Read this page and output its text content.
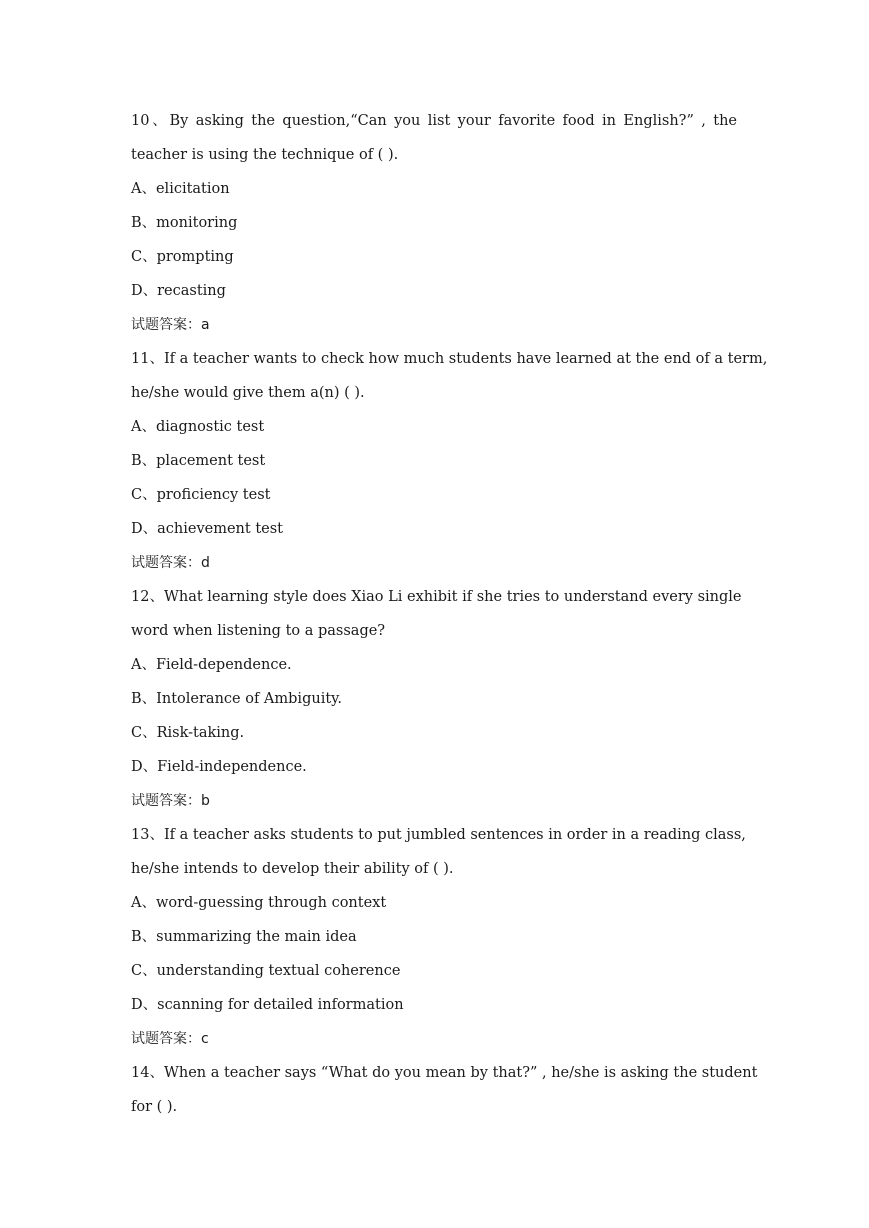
10、By asking the question,“Can you list your favorite food in English?” , the
teacher is using the technique of ( ).
A、elicitation
B、monitoring
C、prompting
D、recasting
试题答案：a
11、If a teacher wants to check how much students have learned at the end of a term,
he/she would give them a(n) ( ).
A、diagnostic test
B、placement test
C、proficiency test
D、achievement test
试题答案：d
12、What learning style does Xiao Li exhibit if she tries to understand every single
word when listening to a passage?
A、Field-dependence.
B、Intolerance of Ambiguity.
C、Risk-taking.
D、Field-independence.
试题答案：b
13、If a teacher asks students to put jumbled sentences in order in a reading class,
he/she intends to develop their ability of ( ).
A、word-guessing through context
B、summarizing the main idea
C、understanding textual coherence
D、scanning for detailed information
试题答案：c
14、When a teacher says “What do you mean by that?” , he/she is asking the student
for ( ).
